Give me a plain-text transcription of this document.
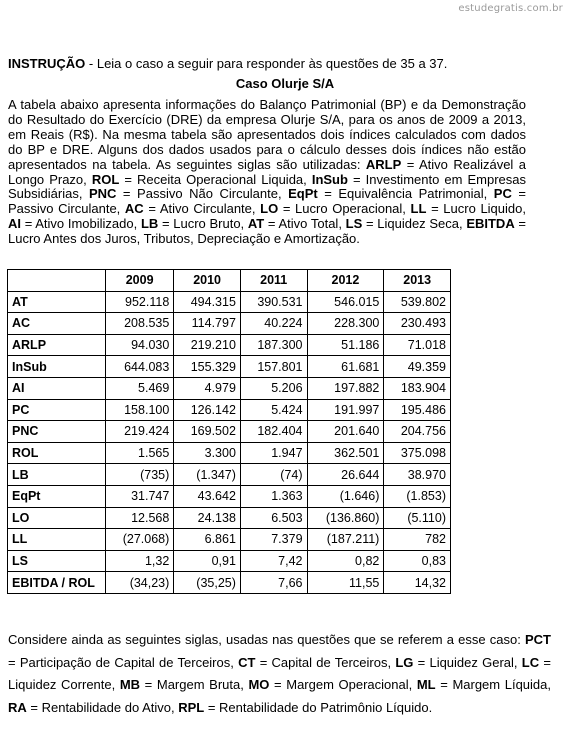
estudegratis.com.br
INSTRUÇÃO - Leia o caso a seguir para responder às questões de 35 a 37.
Caso Olurje S/A
A tabela abaixo apresenta informações do Balanço Patrimonial (BP) e da Demonstração do Resultado do Exercício (DRE) da empresa Olurje S/A, para os anos de 2009 a 2013, em Reais (R$). Na mesma tabela são apresentados dois índices calculados com dados do BP e DRE. Alguns dos dados usados para o cálculo desses dois índices não estão apresentados na tabela. As seguintes siglas são utilizadas: ARLP = Ativo Realizável a Longo Prazo, ROL = Receita Operacional Liquida, InSub = Investimento em Empresas Subsidiárias, PNC = Passivo Não Circulante, EqPt = Equivalência Patrimonial, PC = Passivo Circulante, AC = Ativo Circulante, LO = Lucro Operacional, LL = Lucro Liquido, AI = Ativo Imobilizado, LB = Lucro Bruto, AT = Ativo Total, LS = Liquidez Seca, EBITDA = Lucro Antes dos Juros, Tributos, Depreciação e Amortização.
	2009	2010	2011	2012	2013
AT	952.118	494.315	390.531	546.015	539.802
AC	208.535	114.797	40.224	228.300	230.493
ARLP	94.030	219.210	187.300	51.186	71.018
InSub	644.083	155.329	157.801	61.681	49.359
AI	5.469	4.979	5.206	197.882	183.904
PC	158.100	126.142	5.424	191.997	195.486
PNC	219.424	169.502	182.404	201.640	204.756
ROL	1.565	3.300	1.947	362.501	375.098
LB	(735)	(1.347)	(74)	26.644	38.970
EqPt	31.747	43.642	1.363	(1.646)	(1.853)
LO	12.568	24.138	6.503	(136.860)	(5.110)
LL	(27.068)	6.861	7.379	(187.211)	782
LS	1,32	0,91	7,42	0,82	0,83
EBITDA / ROL	(34,23)	(35,25)	7,66	11,55	14,32
Considere ainda as seguintes siglas, usadas nas questões que se referem a esse caso: PCT = Participação de Capital de Terceiros, CT = Capital de Terceiros, LG = Liquidez Geral, LC = Liquidez Corrente, MB = Margem Bruta, MO = Margem Operacional, ML = Margem Líquida, RA = Rentabilidade do Ativo, RPL = Rentabilidade do Patrimônio Líquido.
